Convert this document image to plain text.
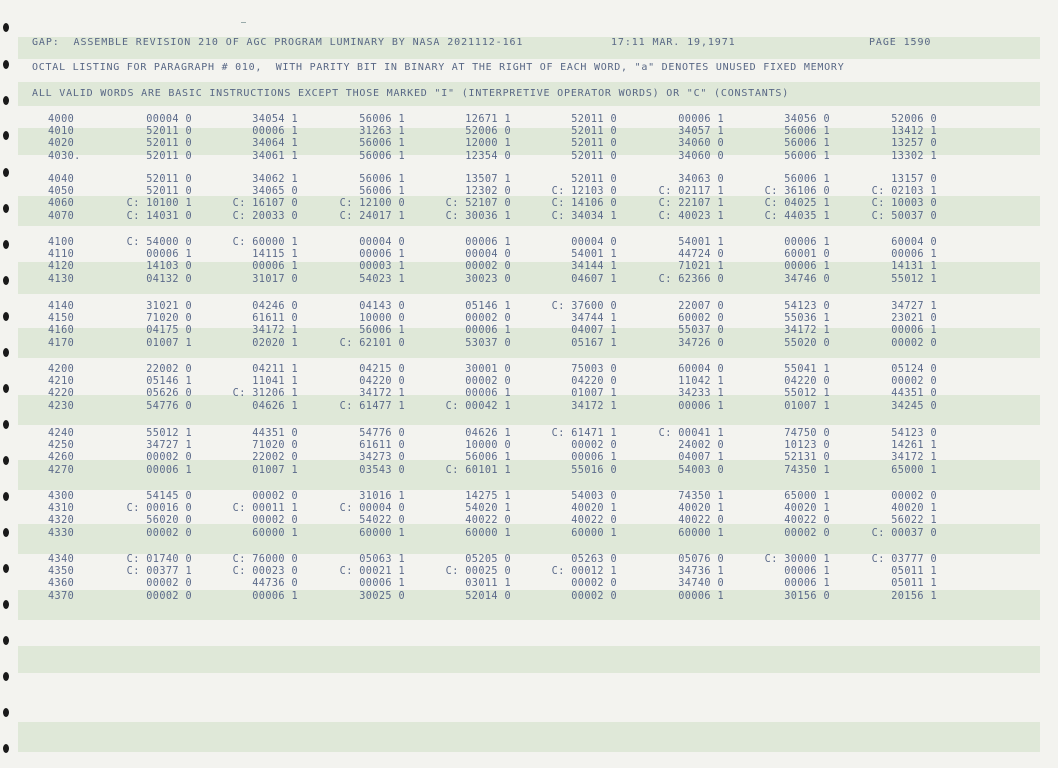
GAP:  ASSEMBLE REVISION 210 OF AGC PROGRAM LUMINARY BY NASA 2021112-161	17:11 MAR. 19,1971	PAGE 1590
OCTAL LISTING FOR PARAGRAPH # 010,  WITH PARITY BIT IN BINARY AT THE RIGHT OF EACH WORD, "a" DENOTES UNUSED FIXED MEMORY
ALL VALID WORDS ARE BASIC INSTRUCTIONS EXCEPT THOSE MARKED "I" (INTERPRETIVE OPERATOR WORDS) OR "C" (CONSTANTS)
4000	00004 0	34054 1	56006 1	12671 1	52011 0	00006 1	34056 0	52006 0
4010	52011 0	00006 1	31263 1	52006 0	52011 0	34057 1	56006 1	13412 1
4020	52011 0	34064 1	56006 1	12000 1	52011 0	34060 0	56006 1	13257 0
4030.	52011 0	34061 1	56006 1	12354 0	52011 0	34060 0	56006 1	13302 1
4040	52011 0	34062 1	56006 1	13507 1	52011 0	34063 0	56006 1	13157 0
4050	52011 0	34065 0	56006 1	12302 0	C: 12103 0	C: 02117 1	C: 36106 0	C: 02103 1
4060	C: 10100 1	C: 16107 0	C: 12100 0	C: 52107 0	C: 14106 0	C: 22107 1	C: 04025 1	C: 10003 0
4070	C: 14031 0	C: 20033 0	C: 24017 1	C: 30036 1	C: 34034 1	C: 40023 1	C: 44035 1	C: 50037 0
4100	C: 54000 0	C: 60000 1	00004 0	00006 1	00004 0	54001 1	00006 1	60004 0
4110	00006 1	14115 1	00006 1	00004 0	54001 1	44724 0	60001 0	00006 1
4120	14103 0	00006 1	00003 1	00002 0	34144 1	71021 1	00006 1	14131 1
4130	04132 0	31017 0	54023 1	30023 0	04607 1	C: 62366 0	34746 0	55012 1
4140	31021 0	04246 0	04143 0	05146 1	C: 37600 0	22007 0	54123 0	34727 1
4150	71020 0	61611 0	10000 0	00002 0	34744 1	60002 0	55036 1	23021 0
4160	04175 0	34172 1	56006 1	00006 1	04007 1	55037 0	34172 1	00006 1
4170	01007 1	02020 1	C: 62101 0	53037 0	05167 1	34726 0	55020 0	00002 0
4200	22002 0	04211 1	04215 0	30001 0	75003 0	60004 0	55041 1	05124 0
4210	05146 1	11041 1	04220 0	00002 0	04220 0	11042 1	04220 0	00002 0
4220	05626 0	C: 31206 1	34172 1	00006 1	01007 1	34233 1	55012 1	44351 0
4230	54776 0	04626 1	C: 61477 1	C: 00042 1	34172 1	00006 1	01007 1	34245 0
4240	55012 1	44351 0	54776 0	04626 1	C: 61471 1	C: 00041 1	74750 0	54123 0
4250	34727 1	71020 0	61611 0	10000 0	00002 0	24002 0	10123 0	14261 1
4260	00002 0	22002 0	34273 0	56006 1	00006 1	04007 1	52131 0	34172 1
4270	00006 1	01007 1	03543 0	C: 60101 1	55016 0	54003 0	74350 1	65000 1
4300	54145 0	00002 0	31016 1	14275 1	54003 0	74350 1	65000 1	00002 0
4310	C: 00016 0	C: 00011 1	C: 00004 0	54020 1	40020 1	40020 1	40020 1	40020 1
4320	56020 0	00002 0	54022 0	40022 0	40022 0	40022 0	40022 0	56022 1
4330	00002 0	60000 1	60000 1	60000 1	60000 1	60000 1	00002 0	C: 00037 0
4340	C: 01740 0	C: 76000 0	05063 1	05205 0	05263 0	05076 0	C: 30000 1	C: 03777 0
4350	C: 00377 1	C: 00023 0	C: 00021 1	C: 00025 0	C: 00012 1	34736 1	00006 1	05011 1
4360	00002 0	44736 0	00006 1	03011 1	00002 0	34740 0	00006 1	05011 1
4370	00002 0	00006 1	30025 0	52014 0	00002 0	00006 1	30156 0	20156 1
